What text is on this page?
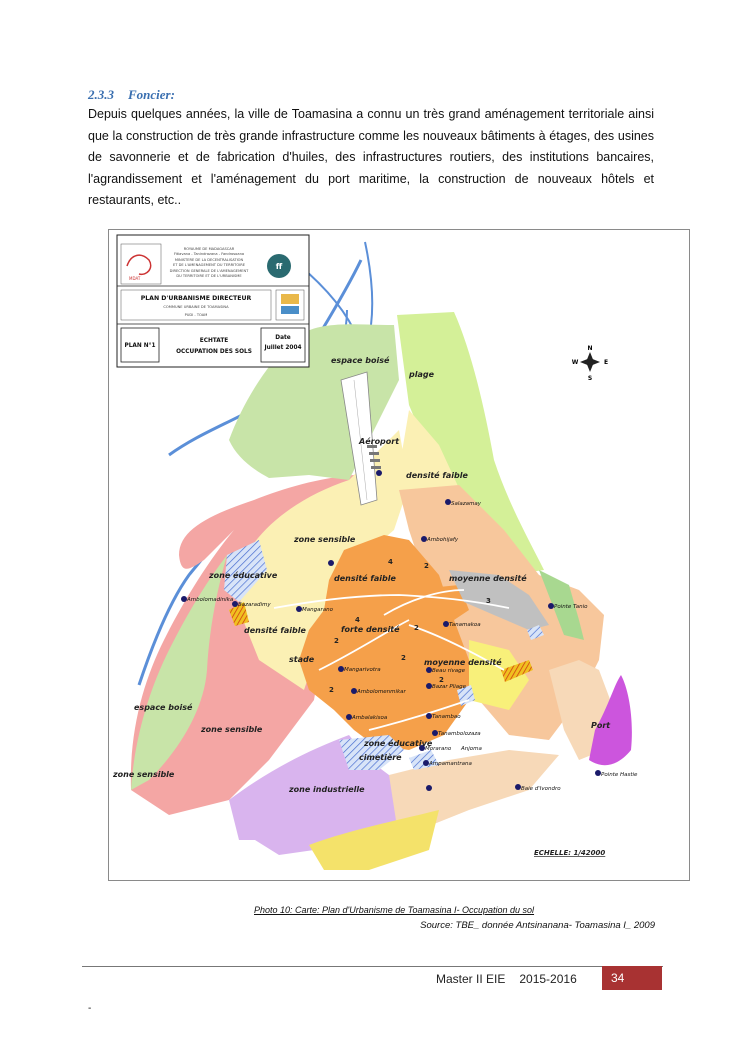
2.3.3 Foncier:

Depuis quelques années, la ville de Toamasina a connu un très grand aménagement territoriale ainsi que la construction de très grande infrastructure comme les nouveaux bâtiments à étages, des usines de savonnerie et de fabrication d'huiles, des infrastructures routiers, des institutions bancaires, l'agrandissement et l'aménagement du port maritime, la construction de nouveaux hôtels et restaurants, etc..

MDAT
ROYAUME DE MADAGASCAR
Fitiavana - Tanindrazana - Fandrosoana
MINISTERE DE LA DECENTRALISATION
ET DE L'AMENAGEMENT DU TERRITOIRE
DIRECTION GENERALE DE L'AMENAGEMENT
DU TERRITOIRE ET DE L'URBANISME
ff
PLAN D'URBANISME DIRECTEUR
COMMUNE URBAINE DE TOAMASINA
PUDI - TOAM
PLAN N°1
ECHTATE
OCCUPATION DES SOLS
Date
Juillet 2004	N
S
W	E
espace boisé
plage
Aéroport
densité faible
zone sensible
zone éducative	densité faible	moyenne densité
densité faible	forte densité
stade	moyenne densité
espace boisé
zone sensible
zone sensible
zone éducative
cimetière
zone industrielle
Port
4	2
4
2
2
3
2
2
2
Salazamay
Ambohijafy
Ambolomadinika
Bazaradimy
Mangarano	Pointe Tanio
Tanamakoa
Mangarivotra	Beau rivage
Bazar Pliage
Ambolomenmikar
Ambalakisoa	Tanambao
Tanambolozaza
Anjoma
Morarano
Ampamantrana
Baie d'Ivondro
Pointe Hastie
ECHELLE: 1/42000
Photo 10: Carte: Plan d'Urbanisme de Toamasina I- Occupation du sol
Source: TBE_ donnée Antsinanana- Toamasina I_ 2009
Master II EIE 2015-2016	34
-
